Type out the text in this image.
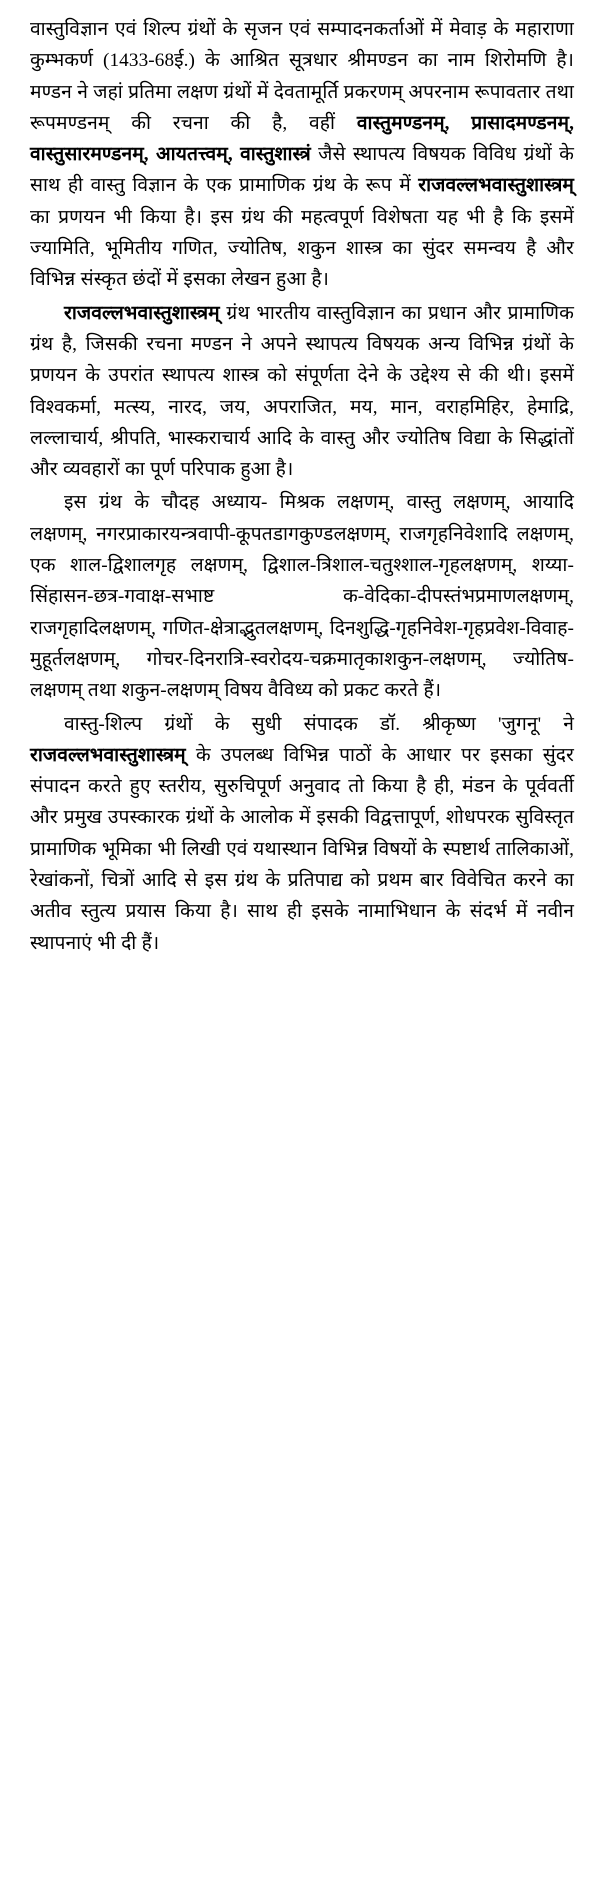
वास्तुविज्ञान एवं शिल्प ग्रंथों के सृजन एवं सम्पादनकर्ताओं में मेवाड़ के महाराणा कुम्भकर्ण (1433-68ई.) के आश्रित सूत्रधार श्रीमण्डन का नाम शिरोमणि है। मण्डन ने जहां प्रतिमा लक्षण ग्रंथों में देवतामूर्ति प्रकरणम् अपरनाम रूपावतार तथा रूपमण्डनम् की रचना की है, वहीं वास्तुमण्डनम्, प्रासादमण्डनम्, वास्तुसारमण्डनम्, आयतत्त्वम्, वास्तुशास्त्रं जैसे स्थापत्य विषयक विविध ग्रंथों के साथ ही वास्तु विज्ञान के एक प्रामाणिक ग्रंथ के रूप में राजवल्लभवास्तुशास्त्रम् का प्रणयन भी किया है। इस ग्रंथ की महत्वपूर्ण विशेषता यह भी है कि इसमें ज्यामिति, भूमितीय गणित, ज्योतिष, शकुन शास्त्र का सुंदर समन्वय है और विभिन्न संस्कृत छंदों में इसका लेखन हुआ है।

राजवल्लभवास्तुशास्त्रम् ग्रंथ भारतीय वास्तुविज्ञान का प्रधान और प्रामाणिक ग्रंथ है, जिसकी रचना मण्डन ने अपने स्थापत्य विषयक अन्य विभिन्न ग्रंथों के प्रणयन के उपरांत स्थापत्य शास्त्र को संपूर्णता देने के उद्देश्य से की थी। इसमें विश्वकर्मा, मत्स्य, नारद, जय, अपराजित, मय, मान, वराहमिहिर, हेमाद्रि, लल्लाचार्य, श्रीपति, भास्कराचार्य आदि के वास्तु और ज्योतिष विद्या के सिद्धांतों और व्यवहारों का पूर्ण परिपाक हुआ है।

इस ग्रंथ के चौदह अध्याय- मिश्रक लक्षणम्, वास्तु लक्षणम्, आयादि लक्षणम्, नगरप्राकारयन्त्रवापी-कूपतडागकुण्डलक्षणम्, राजगृहनिवेशादि लक्षणम्, एक शाल-द्विशालगृह लक्षणम्, द्विशाल-त्रिशाल-चतुश्शाल-गृहलक्षणम्, शय्या-सिंहासन-छत्र-गवाक्ष-सभाष्ट क-वेदिका-दीपस्तंभप्रमाणलक्षणम्, राजगृहादिलक्षणम्, गणित-क्षेत्राद्भुतलक्षणम्, दिनशुद्धि-गृहनिवेश-गृहप्रवेश-विवाह-मुहूर्तलक्षणम्, गोचर-दिनरात्रि-स्वरोदय-चक्रमातृकाशकुन-लक्षणम्, ज्योतिष-लक्षणम् तथा शकुन-लक्षणम् विषय वैविध्य को प्रकट करते हैं।

वास्तु-शिल्प ग्रंथों के सुधी संपादक डॉ. श्रीकृष्ण 'जुगनू' ने राजवल्लभवास्तुशास्त्रम् के उपलब्ध विभिन्न पाठों के आधार पर इसका सुंदर संपादन करते हुए स्तरीय, सुरुचिपूर्ण अनुवाद तो किया है ही, मंडन के पूर्ववर्ती और प्रमुख उपस्कारक ग्रंथों के आलोक में इसकी विद्वत्तापूर्ण, शोधपरक सुविस्तृत प्रामाणिक भूमिका भी लिखी एवं यथास्थान विभिन्न विषयों के स्पष्टार्थ तालिकाओं, रेखांकनों, चित्रों आदि से इस ग्रंथ के प्रतिपाद्य को प्रथम बार विवेचित करने का अतीव स्तुत्य प्रयास किया है। साथ ही इसके नामाभिधान के संदर्भ में नवीन स्थापनाएं भी दी हैं।
